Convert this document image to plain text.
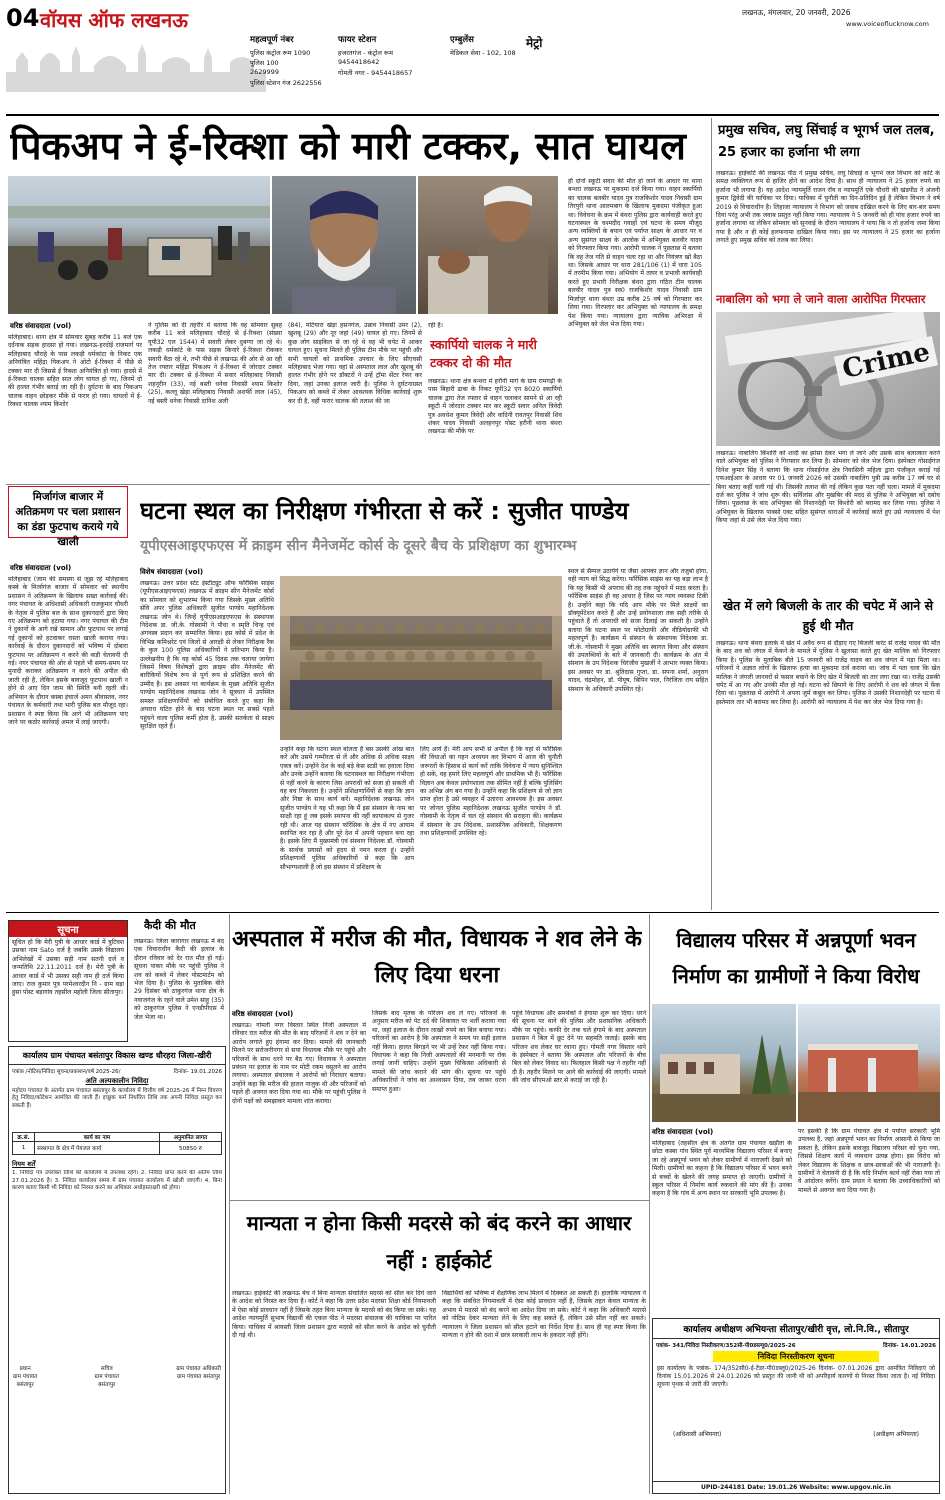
04 वॉयस ऑफ लखनऊ
महत्वपूर्ण नंबर
पुलिस कंट्रोल रूम 1090
पुलिस 100
2629999
पुलिस स्टेशन गंज 2622556
फायर स्टेशन
हजरतगंज - कंट्रोल रूम
9454418642
गोमती नगर - 9454418657
एम्बुलेंस
मेडिकल सेवा - 102, 108
मेट्रो
लखनऊ, मंगलवार, 20 जनवरी, 2026
www.voiceoflucknow.com
पिकअप ने ई-रिक्शा को मारी टक्कर, सात घायल
वरिष्ठ संवाददाता (vol)
मलिहाबाद। थाना क्षेत्र में सोमवार सुबह करीब 11 बजे एक दर्दनाक सड़क हादसा हो गया। लखनऊ-हरदोई राजमार्ग पर मलिहाबाद चौराहे के पास लकड़ी धर्मकांटा के निकट एक अनियंत्रित महिंद्रा पिकअप ने ओटो ई-रिक्शा में पीछे से टक्कर मार दी जिससे ई रिक्शा अनियंत्रित हो गया। हादसे में ई-रिक्शा चालक सहित सात लोग घायल हो गए, जिनमें दो की हालत गंभीर बताई जा रही है। दुर्घटना के बाद पिकअप चालक वाहन छोड़कर मौके से फरार हो गया। घायलों में ई-रिक्शा चालक श्याम किशोर
ने पुलिस को दी तहरीर में बताया कि वह सोमवार सुबह करीब 11 बजे मलिहाबाद चौराहे से ई-रिक्शा (संख्या यूपी32 एल 1544) में सवारी लेकर दुबग्गा जा रहे थे। लकड़ी धर्मकांटे के पास सड़क किनारे ई-रिक्शा रोककर सवारी बैठा रहे थे, तभी पीछे से लखनऊ की ओर से आ रही तेज रफ्तार महिंद्रा पिकअप ने ई-रिक्शा में जोरदार टक्कर मार दी। टक्कर से ई-रिक्शा में सवार मलिहाबाद निवासी शहनूरीन (33), नई बस्ती धनेवा निवासी श्याम किशोर (25), कल्लू खेड़ा मलिहाबाद निवासी अशर्फी लाल (45), नई बस्ती धनेवा निवासी दानिश अली
(84), मटियारा खेड़ा हसनगंज, उन्नाव निवासी उमर (2), खुशबू (29) और नूर जहां (49) घायल हो गए। जिनमें से कुछ लोग साइकिल से जा रहे थे वह भी चपेट में आकर घायल हुए। सूचना मिलते ही पुलिस टीम मौके पर पहुंची और सभी घायलों को प्राथमिक उपचार के लिए सीएचसी मलिहाबाद भेजा गया। वहां से अस्पताल लाल और खुशबू की हालत गंभीर होने पर डॉक्टरों ने उन्हें ट्रॉमा सेंटर रेफर कर दिया, जहां उनका इलाज जारी है। पुलिस ने दुर्घटनाग्रस्त पिकअप को कब्जे में लेकर आवश्यक विधिक कार्रवाई शुरू कर दी है, वहीं फरार चालक की तलाश की जा
रही है।
स्कार्पियो चालक ने मारी टक्कर दो की मौत
लखनऊ। थाना क्षेत्र बन्थरा में हरौनी मार्ग के ग्राम रामगढ़ी के पास बिहारी ढाबा के निकट यूपी32 एन 8020 स्कार्पियो चालक द्वारा तेज रफ्तार से वाहन चलाकर सामने से आ रही स्कूटी में जोरदार टक्कर मार कर स्कूटी सवार अनिल त्रिवेदी पुत्र अवधेश कुमार त्रिवेदी और वादिनी रावतपुर निवासी शिव शंकर यादव निवासी अलहनपुर पोस्ट हरौनी थाना बंथरा लखनऊ की मौके पर
ही दोनों स्कूटी सवार की मौत हो जाने के आधार पर थाना बन्थरा लखनऊ पर मुकदमा दर्ज किया गया। वाहन स्कार्पियो का चालक बलबीर यादव पुत्र राजकिशोर यादव निवासी ग्राम तिरपुरी थाना आलमबाग के खिलाफ मुकदमा पंजीकृत हुआ था। विवेचना के क्रम में बंथरा पुलिस द्वारा कार्यवाही करते हुए घटनास्थल के चश्मदीद गवाहों एवं घटना के समय मौजूद अन्य व्यक्तियों के बयान एवं पर्याप्त साक्ष्य के आधार पर व अन्य सुसंगत साक्ष्य के आलोक में अभियुक्त बलवीर यादव को गिरफ्तार किया गया। आरोपी चालक ने पूछताछ में बताया कि वह तेज गति से वाहन चला रहा था और नियंत्रण खो बैठा था। जिसके आधार पर धारा 281/106 (1) में धारा 105 में तरमीम किया गया। अभियोग में तत्पर व प्रभावी कार्यवाही करते हुए प्रभारी निरीक्षक बंथरा द्वारा गठित टीम चालक बलवीर यादव पुत्र स्व0 राजकिशोर यादव निवासी ग्राम मिर्जापुर थाना बंथरा उम्र करीब 25 वर्ष को गिरफ्तार कर लिया गया। गिरफ्तार कर अभियुक्त को न्यायालय के समक्ष पेश किया गया। न्यायालय द्वारा न्यायिक अभिरक्षा में अभियुक्त को जेल भेज दिया गया।
मिर्जागंज बाजार में अतिक्रमण पर चला प्रशासन का डंडा फुटपाथ कराये गये खाली
वरिष्ठ संवाददाता (vol)
मलिहाबाद (जाम की समस्या से जूझ रहे मलिहाबाद कस्बे के मिर्जागंज बाजार में सोमवार को स्थानीय प्रशासन ने अतिक्रमण के खिलाफ सख्त कार्रवाई की। नगर पंचायत के अधिशासी अधिकारी राजकुमार चौधरी के नेतृत्व में पुलिस बल के साथ दुकानदारों द्वारा किए गए अतिक्रमण को हटाया गया। नगर पंचायत की टीम ने दुकानों के आगे रखे सामान और फुटपाथ पर लगाई गई दुकानों को हटवाकर रास्ता खाली कराया गया। कार्रवाई के दौरान दुकानदारों को भविष्य में दोबारा फुटपाथ पर अतिक्रमण न करने की कड़ी चेतावनी दी गई। नगर पंचायत की ओर से पहले भी समय-समय पर मुनादी कराकर अतिक्रमण न करने की अपील की जाती रही है, लेकिन इसके बावजूद फुटपाथ खाली न होने से आए दिन जाम की स्थिति बनी रहती थी। अभियान के दौरान कस्बा इंचार्ज अमन श्रीवास्तव, नगर पंचायत के कर्मचारी तथा भारी पुलिस बल मौजूद रहा। प्रशासन ने स्पष्ट किया कि आगे भी अतिक्रमण पाए जाने पर कठोर कार्रवाई अमल में लाई जाएगी।
सूचना
सूचित हो कि मेरी पुत्री के आधार कार्ड में त्रुटिवश उसका नाम Sato दर्ज है जबकि उसके विद्यालय अभिलेखों में उसका सही नाम सतनी दर्ज व जन्मतिथि 22.11.2011 दर्ज है। मेरी पुत्री के आधार कार्ड में भी उसका सही नाम ही दर्ज किया जाए। राज कुमार पुत्र परमेश्वरदीन नि - ग्राम बड़ा हुसा पोस्ट बड़ागांव तहसील महोली जिला सीतापुर।
कैदी की मौत
लखनऊ। जिला कारागार लखनऊ में बंद एक विचाराधीन कैदी की इलाज के दौरान रविवार को देर रात मौत हो गई। सूचना पाकर मौके पर पहुंची पुलिस ने शव को कब्जे में लेकर पोस्टमार्टम को भेज दिया है। पुलिस के मुताबिक बीते 29 दिसंबर को ठाकुरगंज थाना क्षेत्र के नवाजगंज के रहने वाले उमेश साहू (35) को ठाकुरगंज पुलिस ने एनडीपीएस में जेल भेजा था।
घटना स्थल का निरीक्षण गंभीरता से करें : सुजीत पाण्डेय
यूपीएसआइएफएस में क्राइम सीन मैनेजमेंट कोर्स के दूसरे बैच के प्रशिक्षण का शुभारम्भ
विशेष संवाददाता (vol)
लखनऊ। उत्तर प्रदेश स्टेट इंस्टीट्यूट ऑफ फॉरेंसिक साइंस (यूपीएसआइएफएस) लखनऊ में क्राइम सीन मैनेजमेंट कोर्स का सोमवार को शुभारम्भ किया गया जिसके मुख्य अतिथि सेवि अपर पुलिस अधिकारी सुजीत पाण्डेय महानिदेशक लखनऊ जोन थे। जिन्हें यूपीएसआइएफएस के संस्थापक निदेशक डा. जी.के. गोस्वामी ने पौधा व स्मृति चिन्ह एवं अंगवस्त्र प्रदान कर सम्मानित किया। इस कोर्स में प्रदेश के विभिन्न कमिश्नरेट एवं जिलों से आरक्षी से लेकर निरीक्षक रैंक के कुल 100 पुलिस अधिकारियों ने प्रतिभाग किया है। उल्लेखनीय है कि यह कोर्स 45 दिवस तक चलाया जायेगा जिसमें विषय विशेषज्ञों द्वारा क्राइम सीन मैनेजमेंट की बारीकियों विशेष रूप से पूर्ण रूप से प्रशिक्षित करने की उम्मीद है। इस अवसर पर कार्यक्रम के मुख्य अतिथि सुजीत पाण्डेय महानिदेशक लखनऊ जोन ने सूत्रधार में उपस्थित समस्त प्रशिक्षणार्थियों को संबोधित करते हुए कहा कि अपराध घटित होने के बाद घटना स्थल पर सबसे पहले पहुंचने वाला पुलिस कर्मी होता है, उसकी सतर्कता से साक्ष्य सुरक्षित रहते हैं।
उन्होंने कहा कि घटना स्थल बोलता है बस उसकी आंख बात करें और उसमें गम्भीरता से लें और अधिक से अधिक साक्ष्य एकत्र करें। उन्होंने देश के कई बड़े केस स्टडी का हवाला दिया और उनके उन्होंने बताया कि घटनास्थल का निरीक्षण गंभीरता से नहीं करने के कारण जिस अपराधी को सजा हो सकती थी वह बच निकलता है। उन्होंने प्रशिक्षणार्थियों से कहा कि ज्ञान और निष्ठा के साथ कार्य करें। महानिदेशक लखनऊ जोन सुजीत पाण्डेय ने यह भी कहा कि मैं इस संस्थान के नाम का साक्षी रहा हूं जब इसके स्थापना की नहीं कायाकल्प से गुजर रही थी। आज यह संस्थान फॉरेंसिक के क्षेत्र में नए आयाम स्थापित कर रहा है और पूरे देश में अपनी पहचान बना रहा है। इसके लिए मैं मुख्यमंत्री एवं संस्थान निदेशक डॉ. गोस्वामी के सार्थक प्रयासों को हृदय से नमन करता हूं। उन्होंने प्रशिक्षणार्थी पुलिस अधिकारियों से कहा कि आप सौभाग्यशाली हैं जो इस संस्थान में प्रशिक्षण के
लिए आये हैं। मेरी आप सभी से अपील है कि यहां से फॉरेंसिक की विधाओं का गहन अध्ययन कर विभाग में आज की चुनौती जरूरतों के हिसाब से कार्य करें ताकि विवेचना में न्याय सुनिश्चित हो सके, वह हमारे लिए महत्वपूर्ण और प्राथमिक भी है। फॉरेंसिक विज्ञान अब केवल प्रयोगशाला तक सीमित नहीं है बल्कि पुलिसिंग का अभिन्न अंग बन गया है। उन्होंने कहा कि प्रशिक्षण से जो ज्ञान प्राप्त होता है उसे व्यवहार में उतारना आवश्यक है। इस अवसर पर जोनल पुलिस महानिदेशक लखनऊ सुजीत पाण्डेय ने डॉ. गोस्वामी के नेतृत्व में चल रहे संस्थान की सराहना की। कार्यक्रम में संस्थान के उप निदेशक, प्रशासनिक अधिकारी, शिक्षकगण तथा प्रशिक्षणार्थी उपस्थित रहे।
स्थल से सैम्पल उठायेंगे या जैसा आपका ज्ञान और तजुर्बा होगा, वही न्याय को सिद्ध करेगा। फॉरेंसिक साइंस का यह बड़ा लाभ है कि यह किसी भी अपराध की तह तक पहुंचने में मदद करता है। फॉरेंसिक साइंस ही वह आधार है जिस पर न्याय व्यवस्था टिकी है। उन्होंने कहा कि यदि आप मौके पर मिले साक्ष्यों का डॉक्यूमेंटेशन करते हैं और उन्हें प्रयोगशाला तक सही तरीके से पहुंचाते हैं तो अपराधी को सजा दिलाई जा सकती है। उन्होंने बताया कि घटना स्थल पर फोटोग्राफी और वीडियोग्राफी भी महत्वपूर्ण है। कार्यक्रम में संस्थान के संस्थापक निदेशक डा. जी.के. गोस्वामी ने मुख्य अतिथि का स्वागत किया और संस्थान की उपलब्धियों के बारे में जानकारी दी। कार्यक्रम के अंत में संस्थान के उप निदेशक चिरंजीव मुखर्जी ने आभार व्यक्त किया। इस अवसर पर डा. श्रुतिदास गुप्ता, डा. सपना शर्मा, अनुराग यादव, चंद्रमोहन, डॉ. पीयूष, बिपिन पाल, निरंजिता राय सहित संस्थान के अधिकारी उपस्थित रहे।
प्रमुख सचिव, लघु सिंचाई व भूगर्भ जल तलब, 25 हजार का हर्जाना भी लगा
लखनऊ। हाईकोर्ट की लखनऊ पीठ ने प्रमुख सचिव, लघु सिंचाई व भूगर्भ जल विभाग को कोर्ट के समक्ष व्यक्तिगत रूप से हाजिर होने का आदेश दिया है। साथ ही न्यायालय ने 25 हजार रुपये का हर्जाना भी लगाया है। यह आदेश न्यायमूर्ति राजन रॉय व न्यायमूर्ति एके चौधरी की खंडपीठ ने अंजनी कुमार द्विवेदी की याचिका पर दिया। याचिका में चुनौती का दिन-प्रतिदिन हुई है लेकिन विभाग ने वर्ष 2019 से विचाराधीन है। लिहाजा न्यायालय ने विभाग को जवाब दाखिल करने के लिए बार-बार समय दिया परंतु अभी तक जवाब प्रस्तुत नहीं किया गया। न्यायालय ने 5 जनवरी को ही पांच हजार रुपये का हर्जाना लगाया था लेकिन सोमवार को सुनवाई के दौरान न्यायालय ने पाया कि न तो हर्जाना जमा किया गया है और न ही कोई हलफनामा दाखिल किया गया। इस पर न्यायालय ने 25 हजार का हर्जाना लगाते हुए प्रमुख सचिव को तलब कर लिया।
नाबालिग को भगा ले जाने वाला आरोपित गिरफ्तार
Crime
लखनऊ। नाबालिग किशोरी को शादी का झांसा देकर भगा ले जाने और उसके साथ बलात्कार करने वाले अभियुक्त को पुलिस ने गिरफ्तार कर लिया है। सोमवार को जेल भेज दिया। इंस्पेक्टर गोसाईगंज दिनेश कुमार सिंह ने बताया कि थाना गोसाईगंज क्षेत्र निवासिनी महिला द्वारा पंजीकृत कराई गई एफआईआर के आधार पर 01 जनवरी 2026 को उसकी नाबालिग पुत्री उम्र करीब 17 वर्ष घर से बिना बताए कहीं चली गई थी। जिसकी तलाश की गई लेकिन कुछ पता नहीं चला। मामले में मुकदमा दर्ज कर पुलिस ने जांच शुरू की। सर्विलांस और मुखबिर की मदद से पुलिस ने अभियुक्त को दबोच लिया। पूछताछ के बाद अभियुक्त की निशानदेही पर किशोरी को बरामद कर लिया गया। पुलिस ने अभियुक्त के खिलाफ पाक्सो एक्ट सहित सुसंगत धाराओं में कार्रवाई करते हुए उसे न्यायालय में पेश किया जहां से उसे जेल भेज दिया गया।
खेत में लगे बिजली के तार की चपेट में आने से हुई थी मौत
लखनऊ। थाना बंथरा इलाके में खेत में अवैध रूप से दौड़ाए गए बिजली करंट से राजेंद्र यादव की मौत के बाद शव को जंगल में फेंकने के मामले में पुलिस ने खुलासा करते हुए खेत मालिक को गिरफ्तार किया है। पुलिस के मुताबिक बीते 15 जनवरी को राजेंद्र यादव का शव जंगल में पड़ा मिला था। परिजनों ने अज्ञात लोगों के खिलाफ हत्या का मुकदमा दर्ज कराया था। जांच में पता चला कि खेत मालिक ने जंगली जानवरों से फसल बचाने के लिए खेत में बिजली का तार लगा रखा था। राजेंद्र उसकी चपेट में आ गए और उनकी मौत हो गई। घटना को छिपाने के लिए आरोपी ने शव को जंगल में फेंक दिया था। पूछताछ में आरोपी ने अपना जुर्म कबूल कर लिया। पुलिस ने उसकी निशानदेही पर घटना में इस्तेमाल तार भी बरामद कर लिया है। आरोपी को न्यायालय में पेश कर जेल भेज दिया गया है।
अस्पताल में मरीज की मौत, विधायक ने शव लेने के लिए दिया धरना
वरिष्ठ संवाददाता (vol)
लखनऊ। गोमती नगर विस्तार स्थित निजी अस्पताल में रविवार रात मरीज की मौत के बाद परिजनों ने शव न देने का आरोप लगाते हुए हंगामा कर दिया। मामले की जानकारी मिलने पर सरोजनीनगर से सपा विधायक मौके पर पहुंचे और परिजनों के साथ धरने पर बैठ गए। विधायक ने अस्पताल प्रबंधन पर इलाज के नाम पर मोटी रकम वसूलने का आरोप लगाया। अस्पताल संचालक ने आरोपों को निराधार बताया। उन्होंने कहा कि मरीज की हालत नाजुक थी और परिजनों को पहले ही अवगत करा दिया गया था। मौके पर पहुंची पुलिस ने दोनों पक्षों को समझाकर मामला शांत कराया।
जिसके बाद मृतक के परिजन शव ले गए। परिजनों के अनुसार मरीज को पेट दर्द की शिकायत पर भर्ती कराया गया था, जहां इलाज के दौरान लाखों रुपये का बिल बनाया गया। परिजनों का आरोप है कि अस्पताल ने समय पर सही इलाज नहीं किया। हालत बिगड़ने पर भी उन्हें रेफर नहीं किया गया। विधायक ने कहा कि निजी अस्पतालों की मनमानी पर रोक लगाई जानी चाहिए। उन्होंने मुख्य चिकित्सा अधिकारी से मामले की जांच कराने की मांग की। सूचना पर पहुंचे अधिकारियों ने जांच का आश्वासन दिया, तब जाकर धरना समाप्त हुआ।
पहुंचे विधायक और समर्थकों ने हंगामा शुरू कर दिया। धरने की सूचना पर थाने की पुलिस और प्रशासनिक अधिकारी मौके पर पहुंचे। काफी देर तक चले हंगामे के बाद अस्पताल प्रशासन ने बिल में छूट देने पर सहमति जताई। इसके बाद परिजन शव लेकर घर रवाना हुए। गोमती नगर विस्तार थाने के इंस्पेक्टर ने बताया कि अस्पताल और परिजनों के बीच बिल को लेकर विवाद था। फिलहाल किसी पक्ष ने तहरीर नहीं दी है। तहरीर मिलने पर आगे की कार्रवाई की जाएगी। मामले की जांच सीएमओ स्तर से कराई जा रही है।
विद्यालय परिसर में अन्नपूर्णा भवन निर्माण का ग्रामीणों ने किया विरोध
वरिष्ठ संवाददाता (vol)
मलिहाबाद (तहसील क्षेत्र के अंतर्गत ग्राम पंचायत खड़ौता के छोटा कस्बा गांव स्थित पूर्व माध्यमिक विद्यालय परिसर में बनाए जा रहे अन्नपूर्णा भवन को लेकर ग्रामीणों में नाराजगी देखने को मिली। ग्रामीणों का कहना है कि विद्यालय परिसर में भवन बनने से बच्चों के खेलने की जगह समाप्त हो जाएगी। ग्रामीणों ने स्कूल परिसर में निर्माण कार्य रुकवाने की मांग की है। उनका कहना है कि गांव में अन्य स्थान पर सरकारी भूमि उपलब्ध है।
पर इसकी है कि ग्राम पंचायत क्षेत्र में पर्याप्त सरकारी भूमि उपलब्ध है, जहां अन्नपूर्णा भवन का निर्माण आसानी से किया जा सकता है, लेकिन इसके बावजूद विद्यालय परिसर को चुना गया, जिससे शिक्षण कार्य में व्यवधान उत्पन्न होगा। इस विरोध को लेकर विद्यालय के शिक्षक व छात्र-छात्राओं की भी नाराजगी है। ग्रामीणों ने चेतावनी दी है कि यदि निर्माण कार्य नहीं रोका गया तो वे आंदोलन करेंगे। ग्राम प्रधान ने बताया कि उच्चाधिकारियों को मामले से अवगत करा दिया गया है।
मान्यता न होना किसी मदरसे को बंद करने का आधार नहीं : हाईकोर्ट
लखनऊ। हाईकोर्ट की लखनऊ बेंच ने बिना मान्यता संचालित मदरसे को सील कर दिये जाने के आदेश को निरस्त कर दिया है। कोर्ट ने कहा कि उत्तर प्रदेश मदरसा शिक्षा बोर्ड नियमावली में ऐसा कोई प्रावधान नहीं है जिसके तहत बिना मान्यता के मदरसे को बंद किया जा सके। यह आदेश न्यायमूर्ति सुभाष विद्यार्थी की एकल पीठ ने मदरसा संचालक की याचिका पर पारित किया। याचिका में श्रावस्ती जिला प्रशासन द्वारा मदरसे को सील करने के आदेश को चुनौती दी गई थी।
विद्यार्थियों को भविष्य में शैक्षणिक लाभ मिलने में दिक्कत आ सकती है। हालांकि न्यायालय ने कहा कि संबंधित नियमावली में ऐसा कोई प्रावधान नहीं है, जिसके तहत केवल मान्यता के अभाव में मदरसे को बंद करने का आदेश दिया जा सके। कोर्ट ने कहा कि अधिकारी मदरसे को नोटिस देकर मान्यता लेने के लिए कह सकते हैं, लेकिन उसे सील नहीं कर सकते। न्यायालय ने जिला प्रशासन को सील हटाने का निर्देश दिया है। साथ ही यह स्पष्ट किया कि मान्यता न होने की दशा में छात्र सरकारी लाभ के हकदार नहीं होंगे।
कार्यालय ग्राम पंचायत बसंतापुर विकास खण्ड धौरहरा जिला-खीरी
पत्रांक /नोटिस/निविदा सूचना/प्रकाशन/वर्ष 2025-26/	दिनांक- 19.01.2026
अति अल्पकालीन निविदा
महोदय पंचायत के अंतर्गत ग्राम पंचायत बसंतापुर के कार्यालय में वित्तीय वर्ष 2025-26 में निम्न विवरण हेतु निविदा/कोटेशन आमंत्रित की जाती हैं। इच्छुक फर्म निर्धारित तिथि तक अपनी निविदा प्रस्तुत कर सकती हैं।
क्र.सं.	कार्य का नाम	अनुमानित लागत
1	संस्थागत के क्षेत्र में पेयजल कार्य	50850 रु
नियम शर्तें
1. निविदा पत्र उपरोक्त तिथि को कार्यालय में उपलब्ध रहेंगे। 2. निविदा प्राप्त करने की अंतिम तिथि 27.01.2026 है। 3. निविदा कार्यालय समय में ग्राम पंचायत कार्यालय में खोली जाएगी। 4. बिना कारण बताए किसी भी निविदा को निरस्त करने का अधिकार अधोहस्ताक्षरी को होगा।
प्रधान
ग्राम पंचायत
बसंतापुर
सचिव
ग्राम पंचायत
बसंतापुर
ग्राम पंचायत अधिकारी
ग्राम पंचायत बसंतापुर
कार्यालय अधीक्षण अभियन्ता सीतापुर/खीरी वृत्त, लो.नि.वि., सीतापुर
पत्रांक- 341/निविदा निस्तीकरण/352सी-पी0डब्ल्यू0/2025-26	दिनांक- 14.01.2026
निविदा निरस्तीकरण सूचना
इस कार्यालय के पत्रांक- 174/352सी0-ई-टेंडर-पी0डब्लू0/2025-26 दिनांक- 07.01.2026 द्वारा आमंत्रित निविदाएं जो दिनांक 15.01.2026 से 24.01.2026 को प्रस्तुत की जानी थी को अपरिहार्य कारणों से निरस्त किया जाता है। नई निविदा सूचना पृथक से जारी की जाएगी।
(अधिशासी अभियन्ता)	(अधीक्षण अभियन्ता)
UPID-244181 Date: 19.01.26 Website: www.upgov.nic.in
